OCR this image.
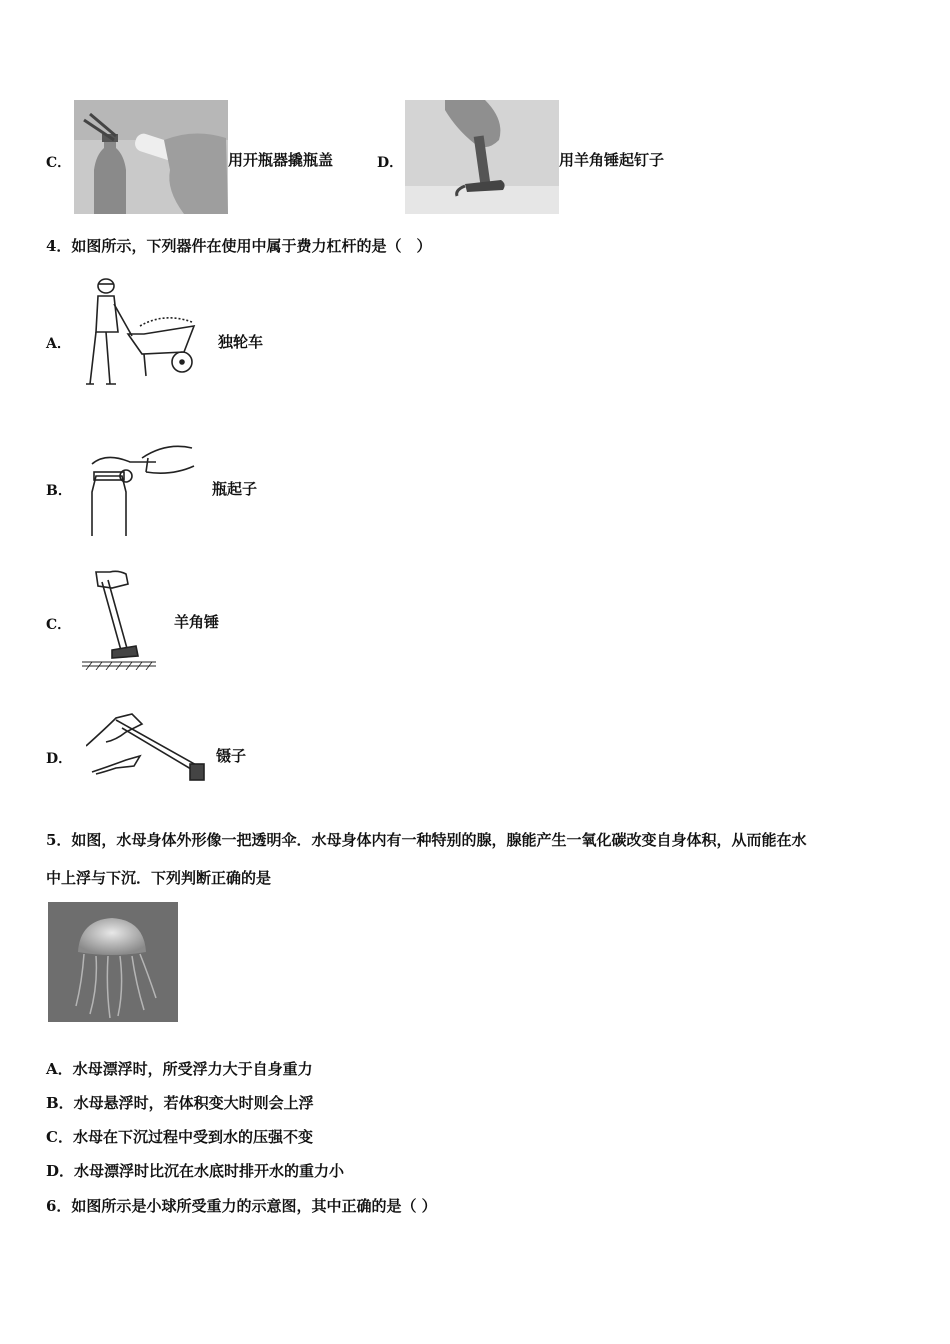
C．	用开瓶器撬瓶盖	D．	用羊角锤起钉子
4．如图所示，下列器件在使用中属于费力杠杆的是（　）
A．	独轮车
B．	瓶起子
C．	羊角锤
D．	镊子
5．如图，水母身体外形像一把透明伞．水母身体内有一种特别的腺，腺能产生一氧化碳改变自身体积，从而能在水
中上浮与下沉．下列判断正确的是
A．水母漂浮时，所受浮力大于自身重力
B．水母悬浮时，若体积变大时则会上浮
C．水母在下沉过程中受到水的压强不变
D．水母漂浮时比沉在水底时排开水的重力小
6．如图所示是小球所受重力的示意图，其中正确的是（ ）
